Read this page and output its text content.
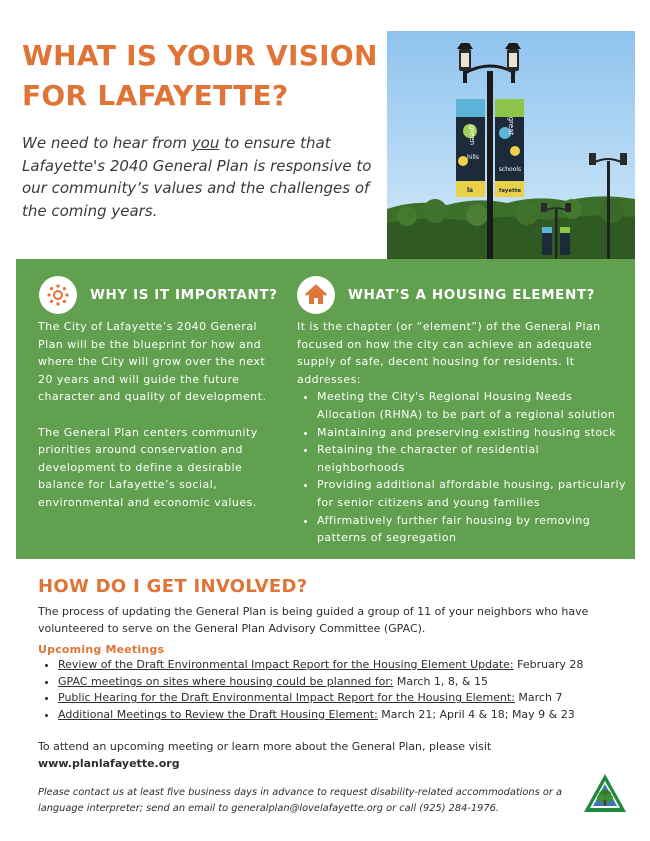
WHAT IS YOUR VISION
FOR LAFAYETTE?
We need to hear from you to ensure that Lafayette's 2040 General Plan is responsive to our community’s values and the challenges of the coming years.
green
hills
la
great
schools
fayette
WHY IS IT IMPORTANT?

The City of Lafayette’s 2040 General Plan will be the blueprint for how and where the City will grow over the next 20 years and will guide the future character and quality of development.

The General Plan centers community priorities around conservation and development to define a desirable balance for Lafayette’s social, environmental and economic values.

WHAT'S A HOUSING ELEMENT?
It is the chapter (or “element”) of the General Plan focused on how the city can achieve an adequate supply of safe, decent housing for residents. It addresses:
• Meeting the City's Regional Housing Needs Allocation (RHNA) to be part of a regional solution
• Maintaining and preserving existing housing stock
• Retaining the character of residential neighborhoods
• Providing additional affordable housing, particularly for senior citizens and young families
• Affirmatively further fair housing by removing patterns of segregation
HOW DO I GET INVOLVED?
The process of updating the General Plan is being guided a group of 11 of your neighbors who have volunteered to serve on the General Plan Advisory Committee (GPAC).
Upcoming Meetings
• Review of the Draft Environmental Impact Report for the Housing Element Update: February 28
• GPAC meetings on sites where housing could be planned for: March 1, 8, & 15
• Public Hearing for the Draft Environmental Impact Report for the Housing Element: March 7
• Additional Meetings to Review the Draft Housing Element: March 21; April 4 & 18; May 9 & 23
To attend an upcoming meeting or learn more about the General Plan, please visit
www.planlafayette.org
Please contact us at least five business days in advance to request disability-related accommodations or a language interpreter; send an email to generalplan@lovelafayette.org or call (925) 284-1976.
